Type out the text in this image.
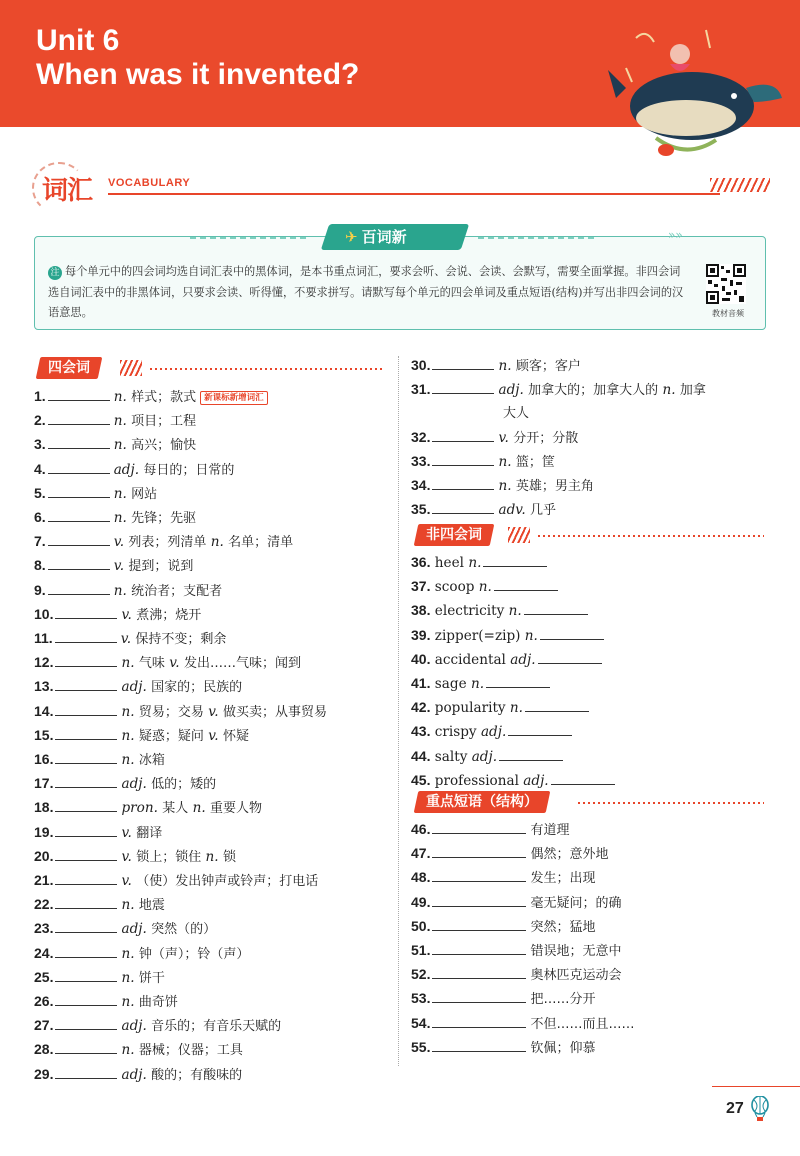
Unit 6
When was it invented?
词汇 VOCABULARY
»»
✈ 百词新
注 每个单元中的四会词均选自词汇表中的黑体词，是本书重点词汇，要求会听、会说、会读、会默写，需要全面掌握。非四会词选自词汇表中的非黑体词，只要求会读、听得懂，不要求拼写。请默写每个单元的四会单词及重点短语(结构)并写出非四会词的汉语意思。	教材音频
四会词
1.	n. 样式；款式 新课标新增词汇
2.	n. 项目；工程
3.	n. 高兴；愉快
4.	adj. 每日的；日常的
5.	n. 网站
6.	n. 先锋；先驱
7.	v. 列表；列清单 n. 名单；清单
8.	v. 提到；说到
9.	n. 统治者；支配者
10.	v. 煮沸；烧开
11.	v. 保持不变；剩余
12.	n. 气味 v. 发出……气味；闻到
13.	adj. 国家的；民族的
14.	n. 贸易；交易 v. 做买卖；从事贸易
15.	n. 疑惑；疑问 v. 怀疑
16.	n. 冰箱
17.	adj. 低的；矮的
18.	pron. 某人 n. 重要人物
19.	v. 翻译
20.	v. 锁上；锁住 n. 锁
21.	v. （使）发出钟声或铃声；打电话
22.	n. 地震
23.	adj. 突然（的）
24.	n. 钟（声）；铃（声）
25.	n. 饼干
26.	n. 曲奇饼
27.	adj. 音乐的；有音乐天赋的
28.	n. 器械；仪器；工具
29.	adj. 酸的；有酸味的
30.	n. 顾客；客户
31.	adj. 加拿大的；加拿大人的 n. 加拿
大人
32.	v. 分开；分散
33.	n. 篮；筐
34.	n. 英雄；男主角
35.	adv. 几乎
非四会词
36. heel n.
37. scoop n.
38. electricity n.
39. zipper(=zip) n.
40. accidental adj.
41. sage n.
42. popularity n.
43. crispy adj.
44. salty adj.
45. professional adj.
重点短语（结构）
46.	有道理
47.	偶然；意外地
48.	发生；出现
49.	毫无疑问；的确
50.	突然；猛地
51.	错误地；无意中
52.	奥林匹克运动会
53.	把……分开
54.	不但……而且……
55.	钦佩；仰慕
27
